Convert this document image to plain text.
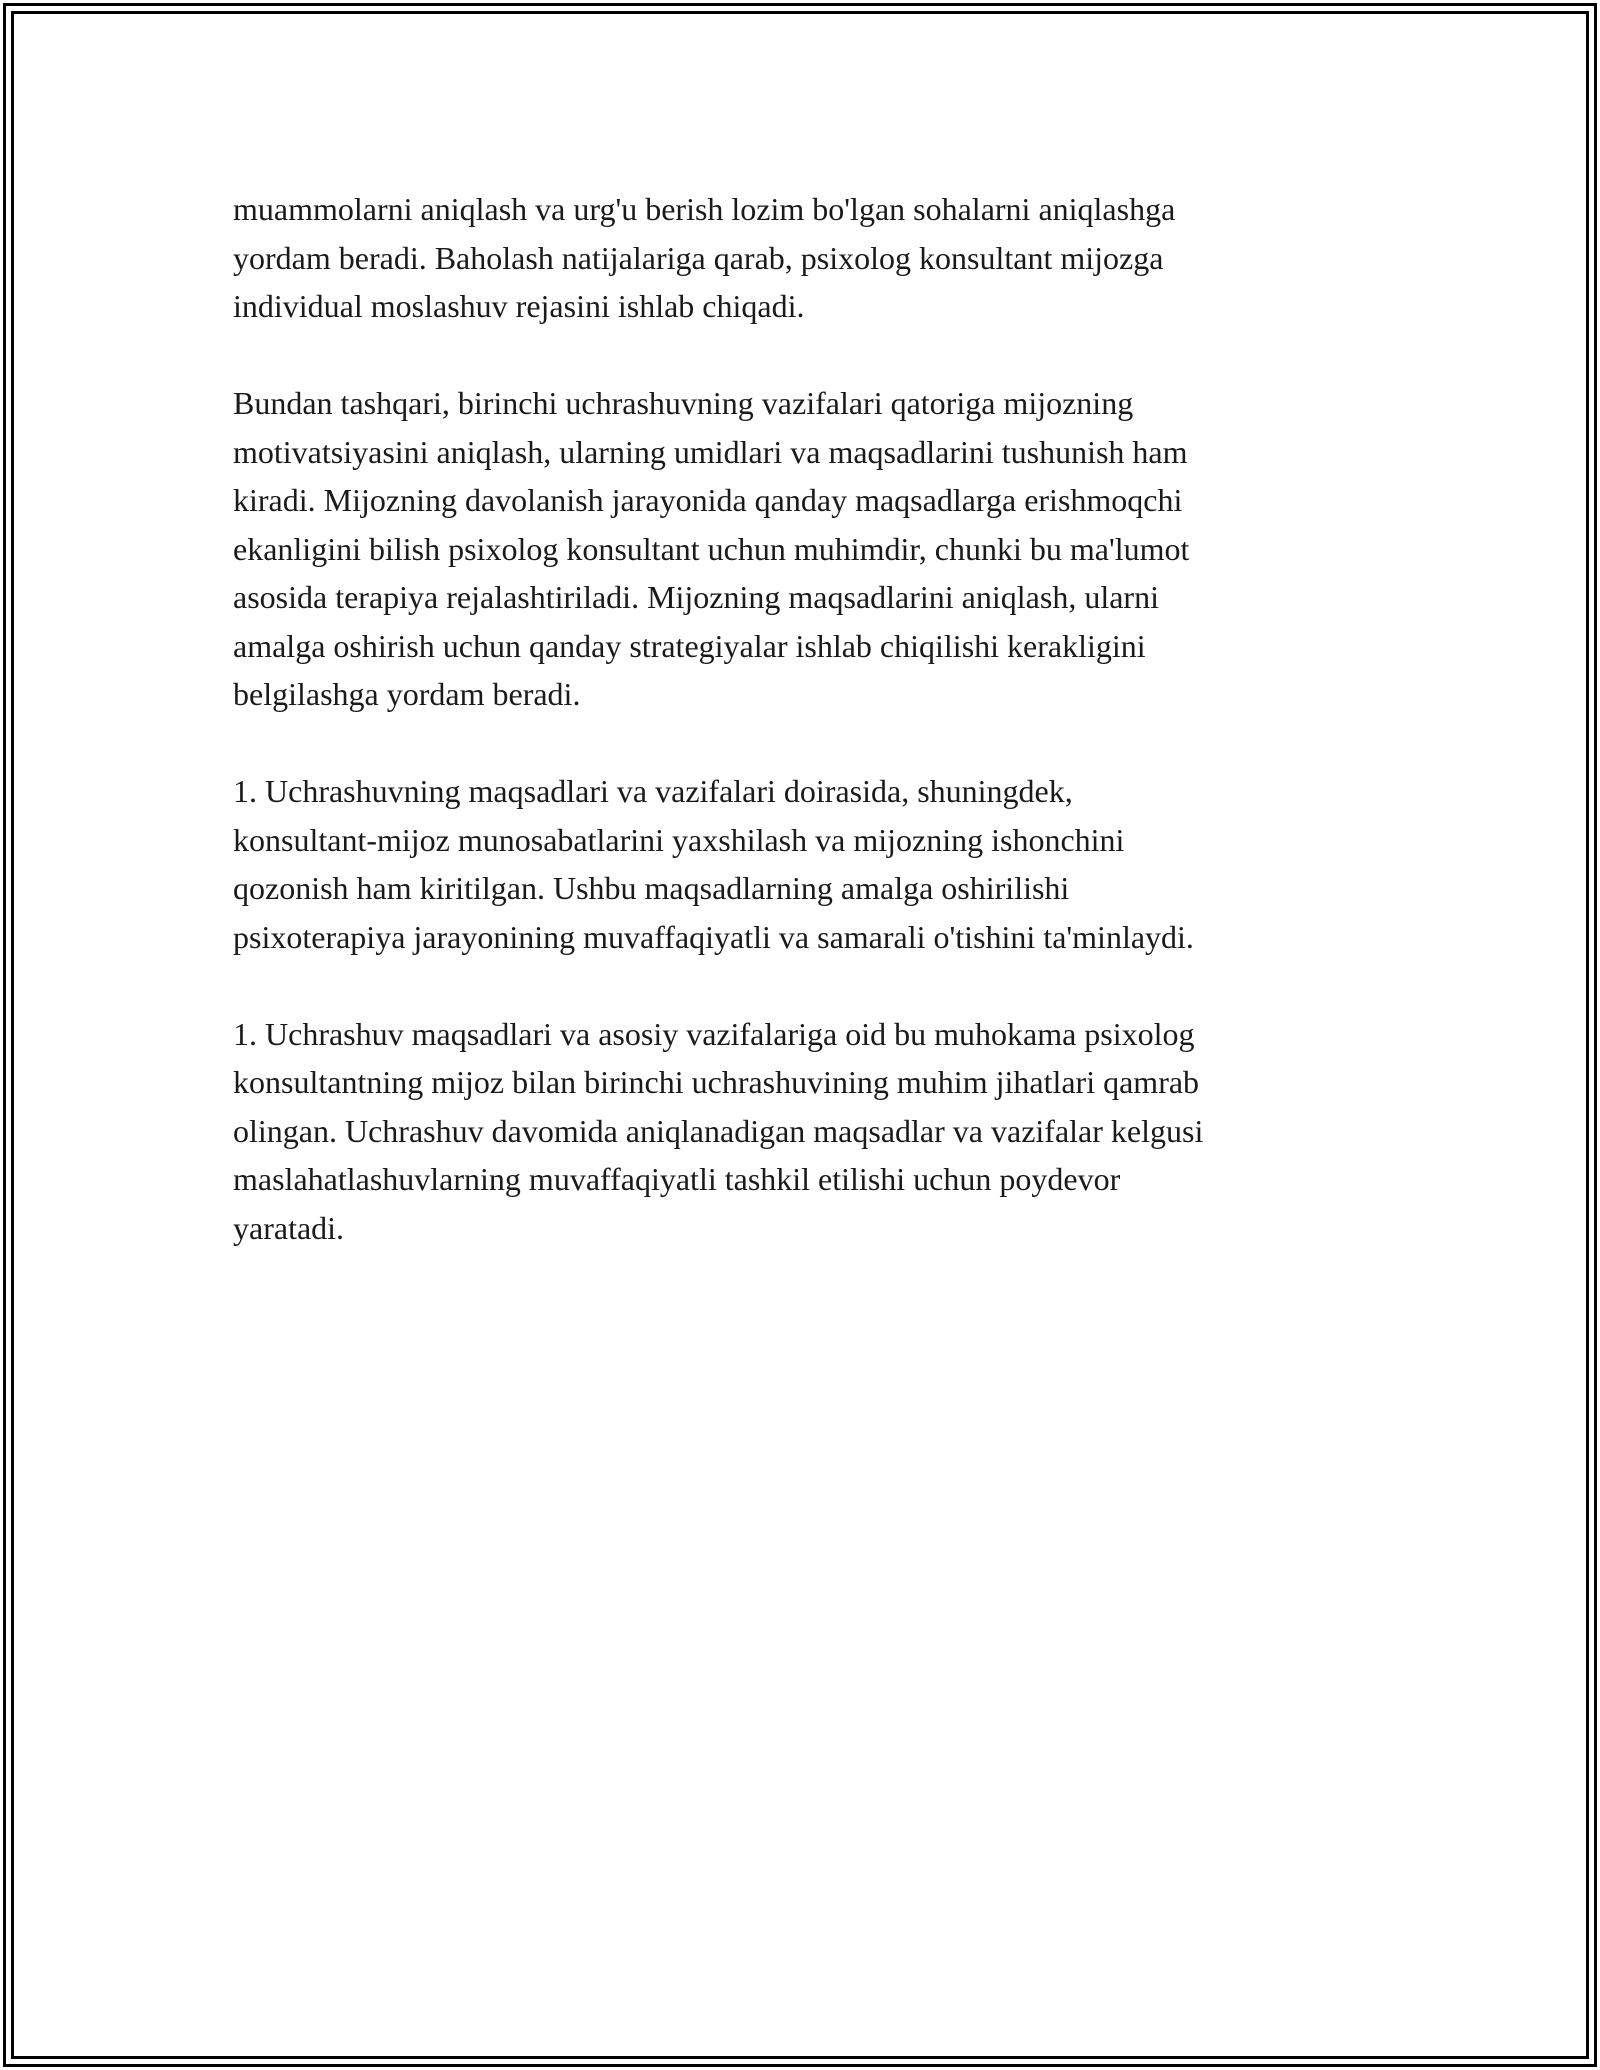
muammolarni aniqlash va urg'u berish lozim bo'lgan sohalarni aniqlashga
yordam beradi. Baholash natijalariga qarab, psixolog konsultant mijozga
individual moslashuv rejasini ishlab chiqadi.

Bundan tashqari, birinchi uchrashuvning vazifalari qatoriga mijozning
motivatsiyasini aniqlash, ularning umidlari va maqsadlarini tushunish ham
kiradi. Mijozning davolanish jarayonida qanday maqsadlarga erishmoqchi
ekanligini bilish psixolog konsultant uchun muhimdir, chunki bu ma'lumot
asosida terapiya rejalashtiriladi. Mijozning maqsadlarini aniqlash, ularni
amalga oshirish uchun qanday strategiyalar ishlab chiqilishi kerakligini
belgilashga yordam beradi.

1. Uchrashuvning maqsadlari va vazifalari doirasida, shuningdek,
konsultant-mijoz munosabatlarini yaxshilash va mijozning ishonchini
qozonish ham kiritilgan. Ushbu maqsadlarning amalga oshirilishi
psixoterapiya jarayonining muvaffaqiyatli va samarali o'tishini ta'minlaydi.

1. Uchrashuv maqsadlari va asosiy vazifalariga oid bu muhokama psixolog
konsultantning mijoz bilan birinchi uchrashuvining muhim jihatlari qamrab
olingan. Uchrashuv davomida aniqlanadigan maqsadlar va vazifalar kelgusi
maslahatlashuvlarning muvaffaqiyatli tashkil etilishi uchun poydevor
yaratadi.
